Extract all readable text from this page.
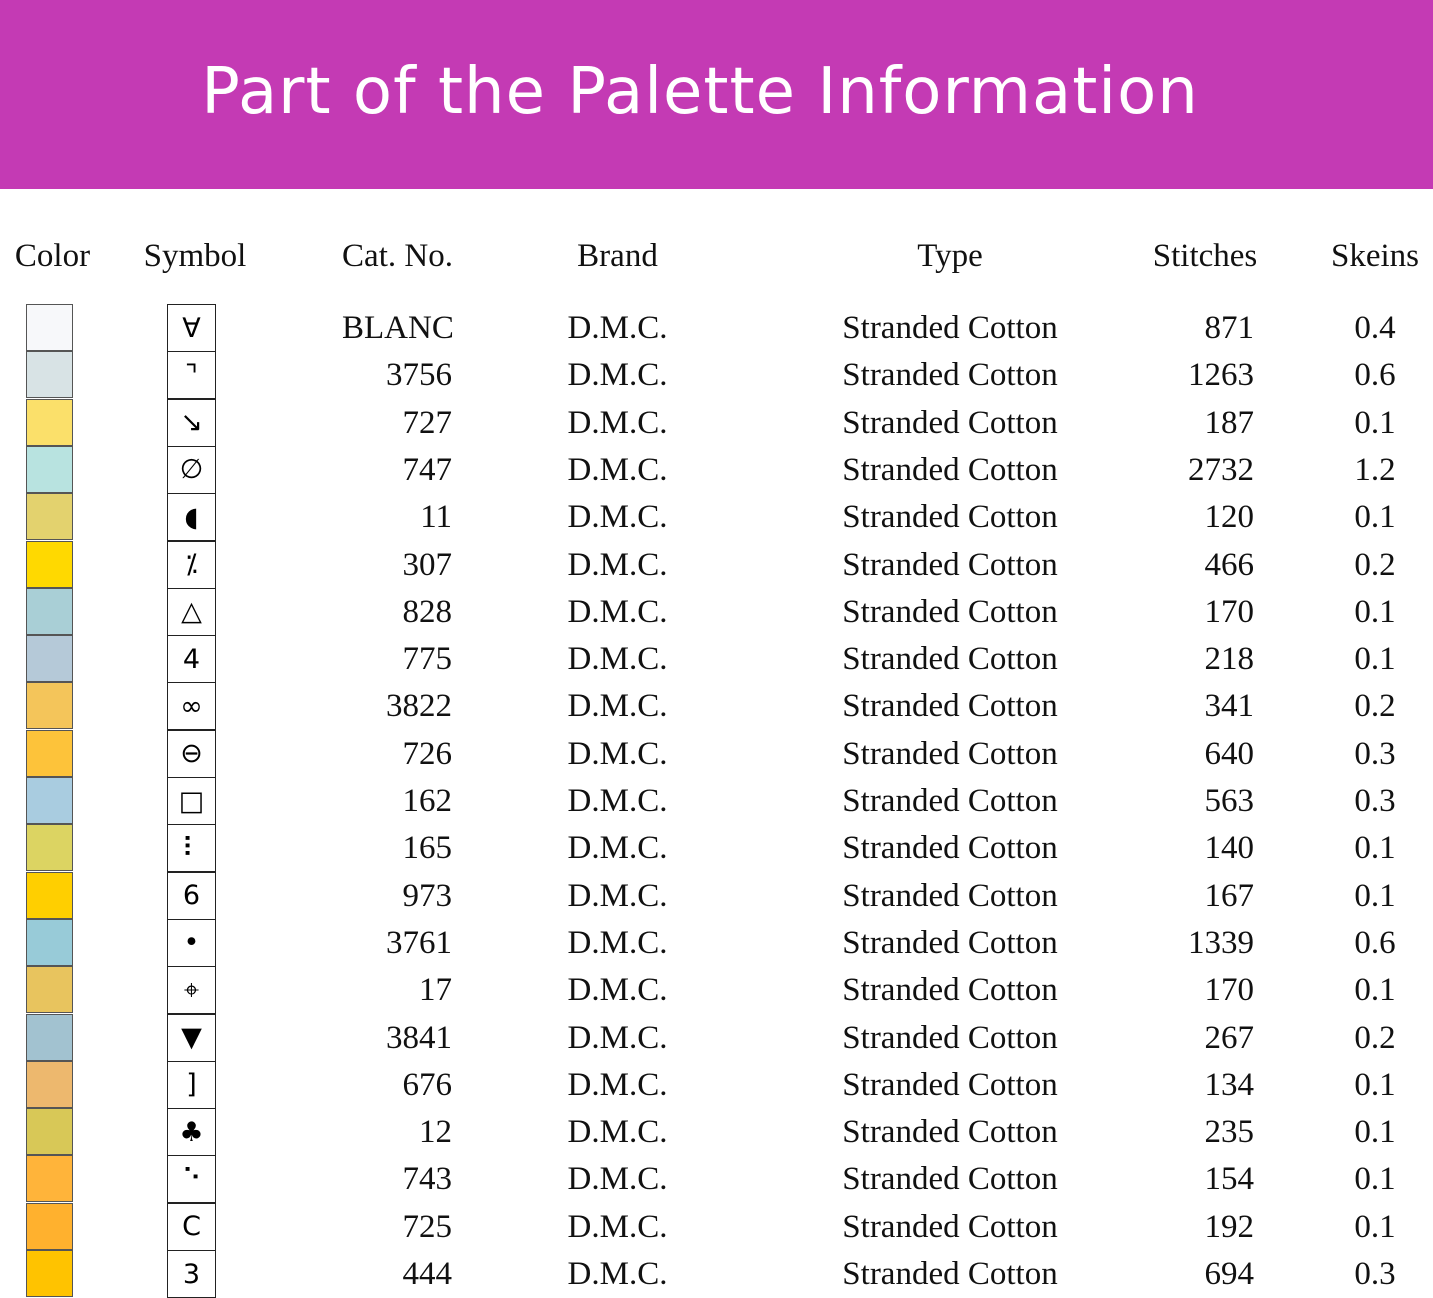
Part of the Palette Information
Color	Symbol	Cat. No.	Brand	Type	Stitches	Skeins
∀	BLANC	D.M.C.	Stranded Cotton	871	0.4
⌝	3756	D.M.C.	Stranded Cotton	1263	0.6
↘	727	D.M.C.	Stranded Cotton	187	0.1
∅	747	D.M.C.	Stranded Cotton	2732	1.2
◖	11	D.M.C.	Stranded Cotton	120	0.1
⁒	307	D.M.C.	Stranded Cotton	466	0.2
△	828	D.M.C.	Stranded Cotton	170	0.1
4	775	D.M.C.	Stranded Cotton	218	0.1
∞	3822	D.M.C.	Stranded Cotton	341	0.2
⊖	726	D.M.C.	Stranded Cotton	640	0.3
□	162	D.M.C.	Stranded Cotton	563	0.3
⠇	165	D.M.C.	Stranded Cotton	140	0.1
6	973	D.M.C.	Stranded Cotton	167	0.1
•	3761	D.M.C.	Stranded Cotton	1339	0.6
⌖	17	D.M.C.	Stranded Cotton	170	0.1
▼	3841	D.M.C.	Stranded Cotton	267	0.2
]	676	D.M.C.	Stranded Cotton	134	0.1
♣	12	D.M.C.	Stranded Cotton	235	0.1
⠑	743	D.M.C.	Stranded Cotton	154	0.1
C	725	D.M.C.	Stranded Cotton	192	0.1
3	444	D.M.C.	Stranded Cotton	694	0.3
